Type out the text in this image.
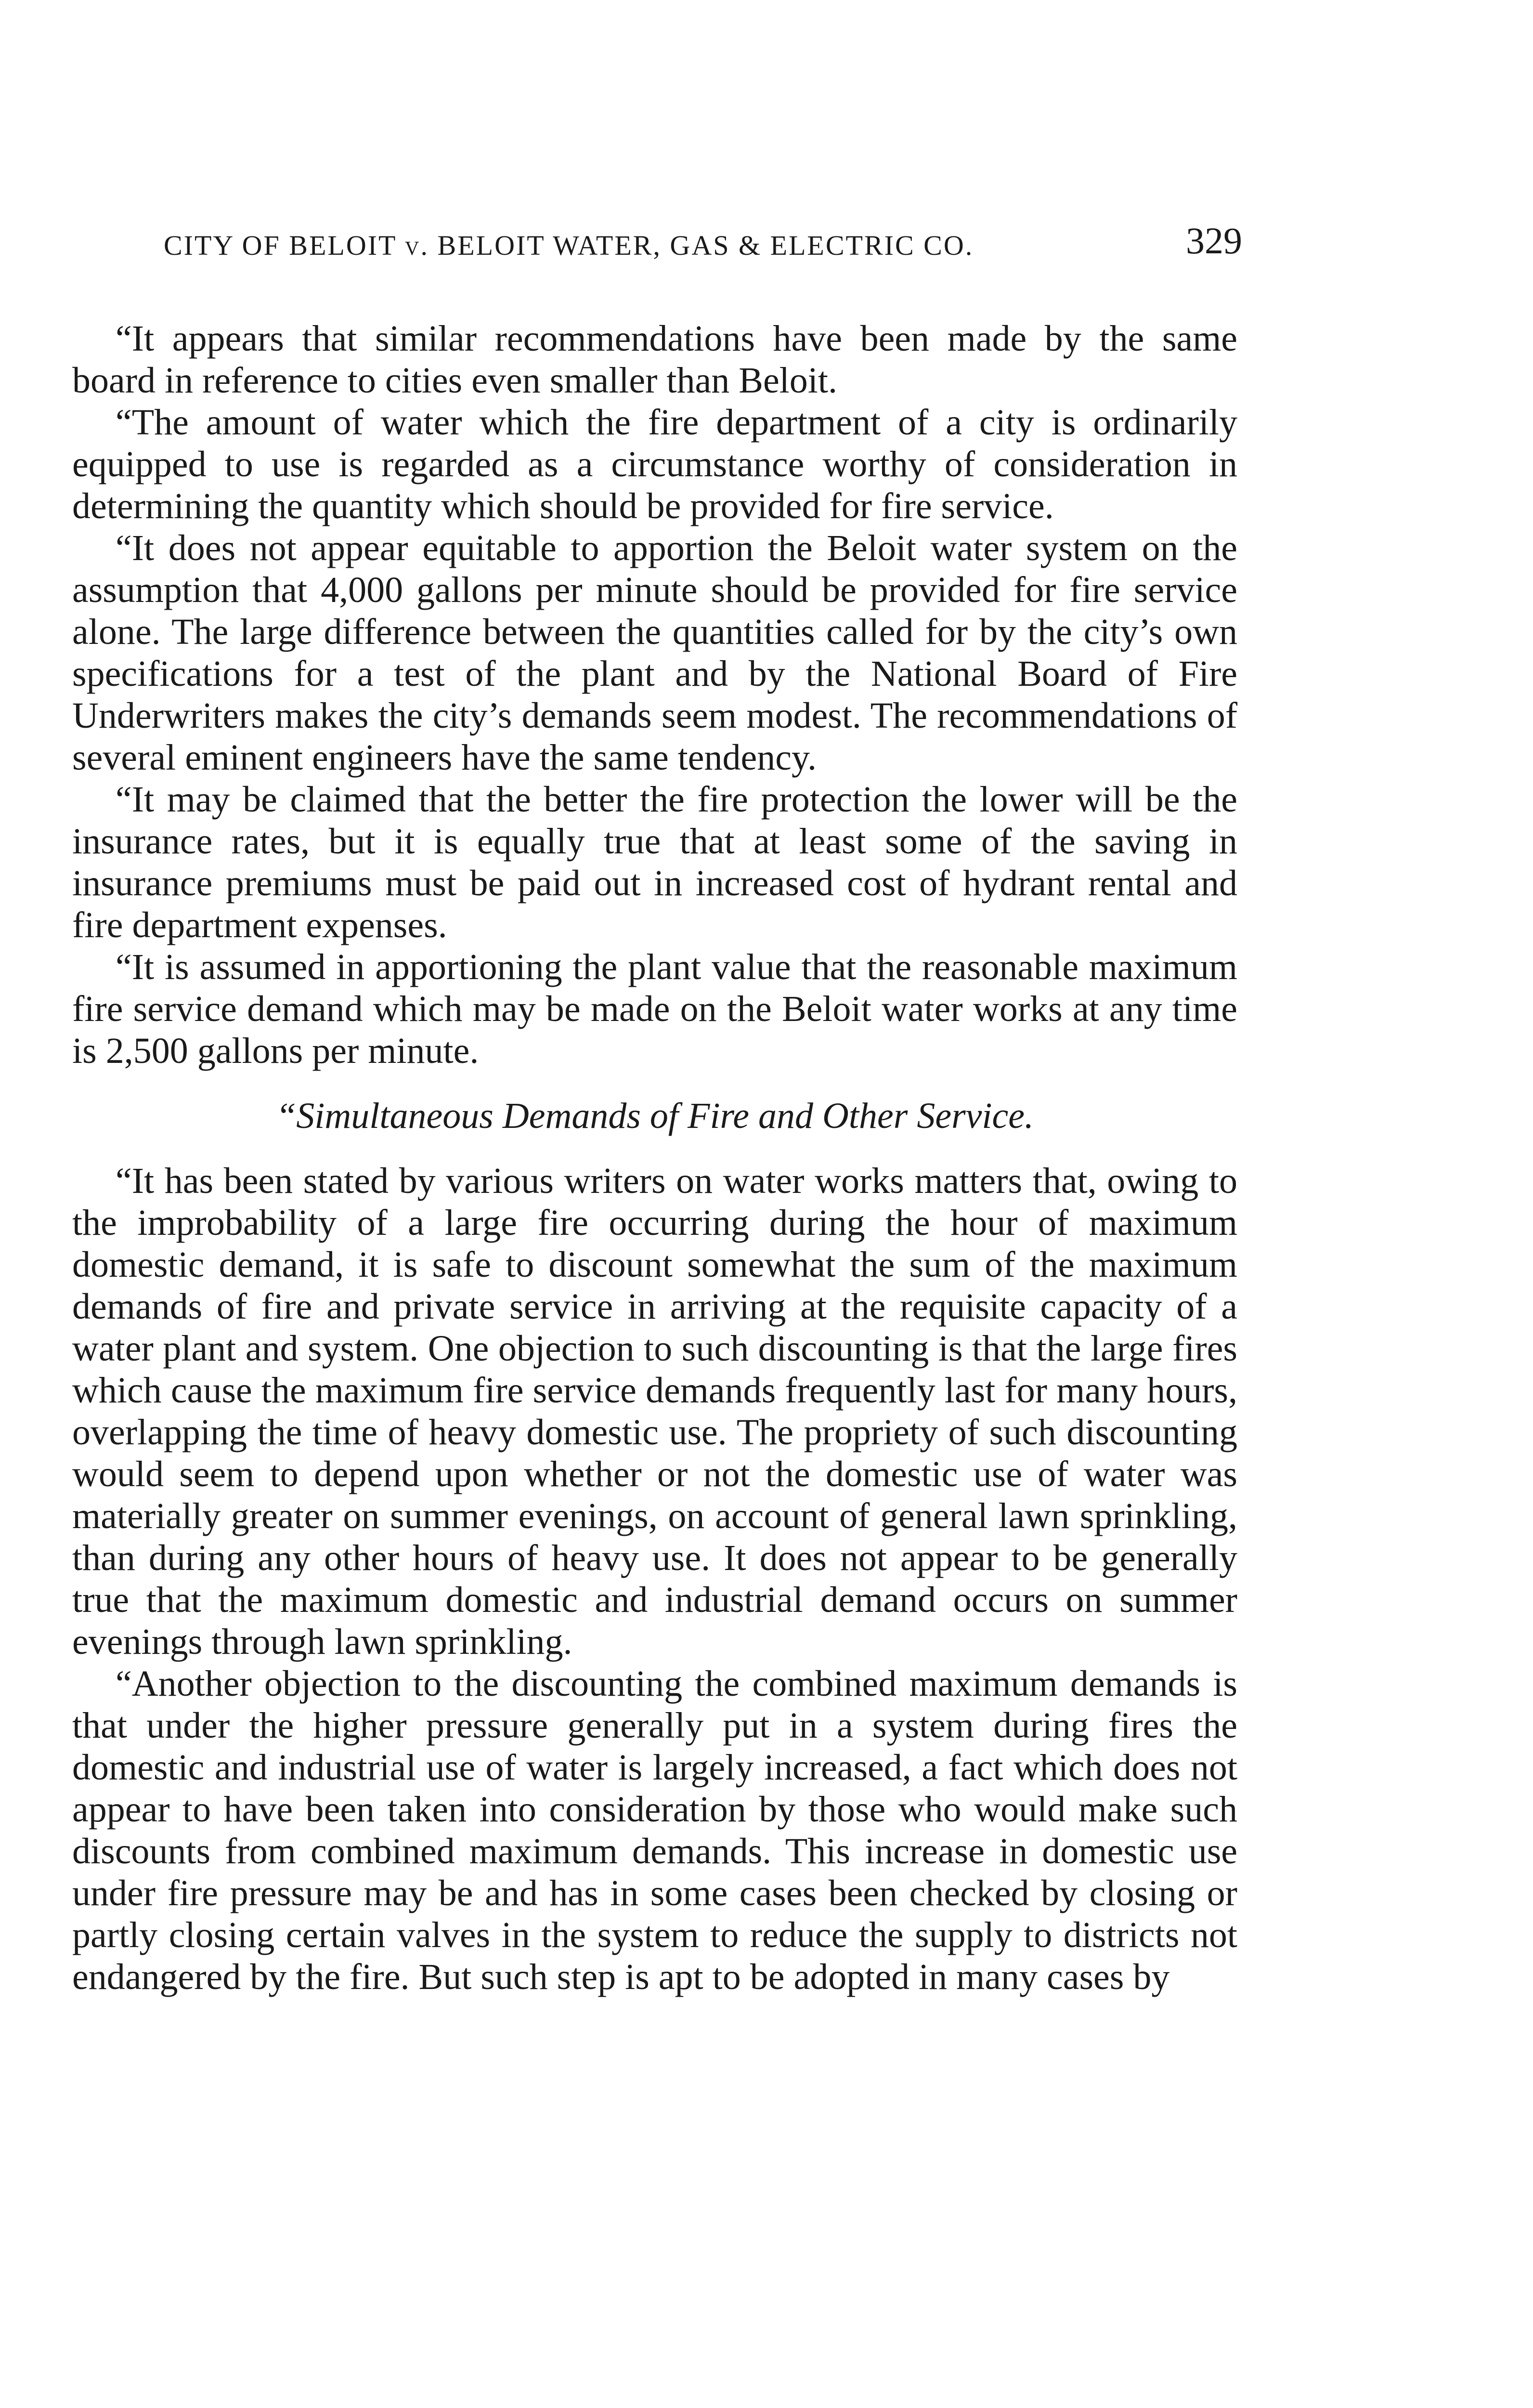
CITY OF BELOIT v. BELOIT WATER, GAS & ELECTRIC CO.	329

“It appears that similar recommendations have been made by the same board in reference to cities even smaller than Beloit.

“The amount of water which the fire department of a city is ordinarily equipped to use is regarded as a circumstance worthy of consideration in determining the quantity which should be provided for fire service.

“It does not appear equitable to apportion the Beloit water system on the assumption that 4,000 gallons per minute should be provided for fire service alone. The large difference between the quantities called for by the city’s own specifications for a test of the plant and by the National Board of Fire Underwriters makes the city’s demands seem modest. The recommendations of several eminent engineers have the same tendency.

“It may be claimed that the better the fire protection the lower will be the insurance rates, but it is equally true that at least some of the saving in insurance premiums must be paid out in increased cost of hydrant rental and fire department expenses.

“It is assumed in apportioning the plant value that the reasonable maximum fire service demand which may be made on the Beloit water works at any time is 2,500 gallons per minute.

“Simultaneous Demands of Fire and Other Service.

“It has been stated by various writers on water works matters that, owing to the improbability of a large fire occurring during the hour of maximum domestic demand, it is safe to discount somewhat the sum of the maximum demands of fire and private service in arriving at the requisite capacity of a water plant and system. One objection to such discounting is that the large fires which cause the maximum fire service demands frequently last for many hours, overlapping the time of heavy domestic use. The propriety of such discounting would seem to depend upon whether or not the domestic use of water was materially greater on summer evenings, on account of general lawn sprinkling, than during any other hours of heavy use. It does not appear to be generally true that the maximum domestic and industrial demand occurs on summer evenings through lawn sprinkling.

“Another objection to the discounting the combined maximum demands is that under the higher pressure generally put in a system during fires the domestic and industrial use of water is largely increased, a fact which does not appear to have been taken into consideration by those who would make such discounts from combined maximum demands. This increase in domestic use under fire pressure may be and has in some cases been checked by closing or partly closing certain valves in the system to reduce the supply to districts not endangered by the fire. But such step is apt to be adopted in many cases by
